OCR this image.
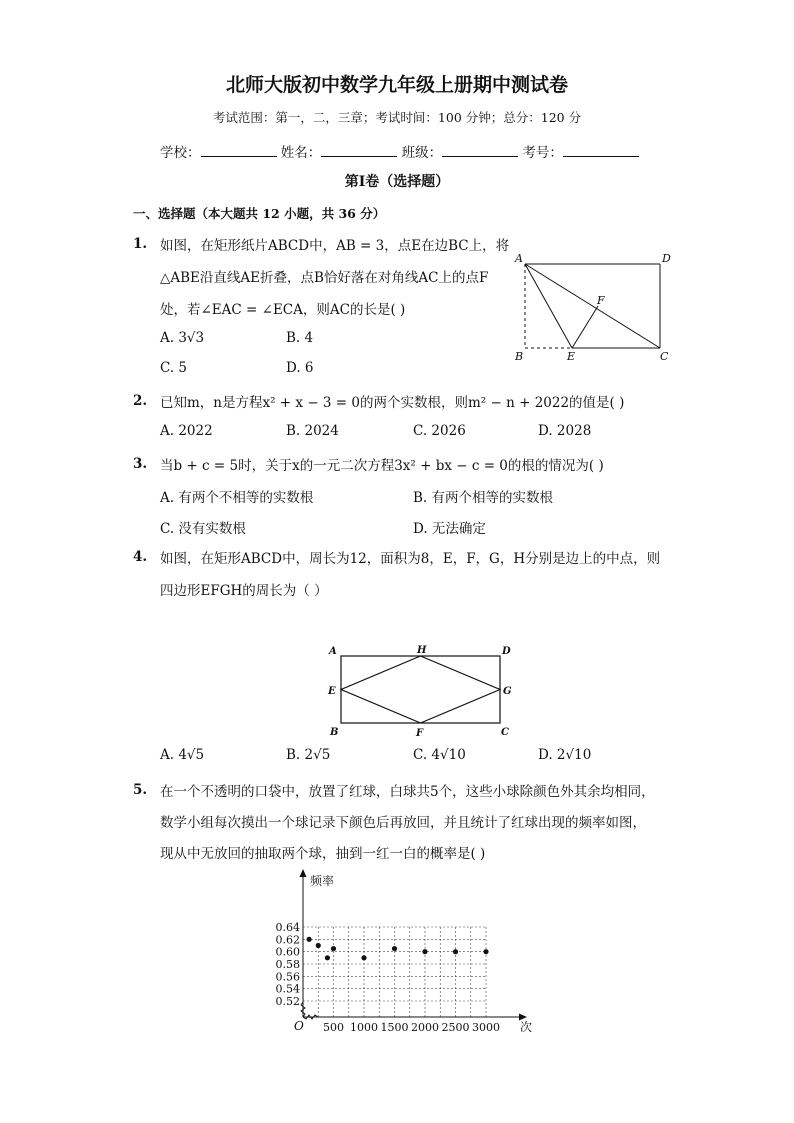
北师大版初中数学九年级上册期中测试卷
考试范围：第一，二，三章；考试时间：100 分钟；总分：120 分
学校：	姓名：	班级：	考号：
第Ⅰ卷（选择题）
一、选择题（本大题共 12 小题，共 36 分）
1. 如图，在矩形纸片ABCD中，AB = 3，点E在边BC上，将
△ABE沿直线AE折叠，点B恰好落在对角线AC上的点F
处，若∠EAC = ∠ECA，则AC的长是( )
A. 3√3	B. 4
C. 5	D. 6
A	D
F
B	E	C
2. 已知m，n是方程x² + x − 3 = 0的两个实数根，则m² − n + 2022的值是( )
A. 2022	B. 2024	C. 2026	D. 2028
3. 当b + c = 5时，关于x的一元二次方程3x² + bx − c = 0的根的情况为( )
A. 有两个不相等的实数根	B. 有两个相等的实数根
C. 没有实数根	D. 无法确定
4. 如图，在矩形ABCD中，周长为12，面积为8，E，F，G，H分别是边上的中点，则
四边形EFGH的周长为（ ）
A	H	D
E	G
B	F	C
A. 4√5	B. 2√5	C. 4√10	D. 2√10
5. 在一个不透明的口袋中，放置了红球，白球共5个，这些小球除颜色外其余均相同，
数学小组每次摸出一个球记录下颜色后再放回，并且统计了红球出现的频率如图，
现从中无放回的抽取两个球，抽到一红一白的概率是( )
0.52
0.54
0.56
0.58
0.60
0.62
0.64
500 1000 1500 2000 2500 3000
频率
次
O
